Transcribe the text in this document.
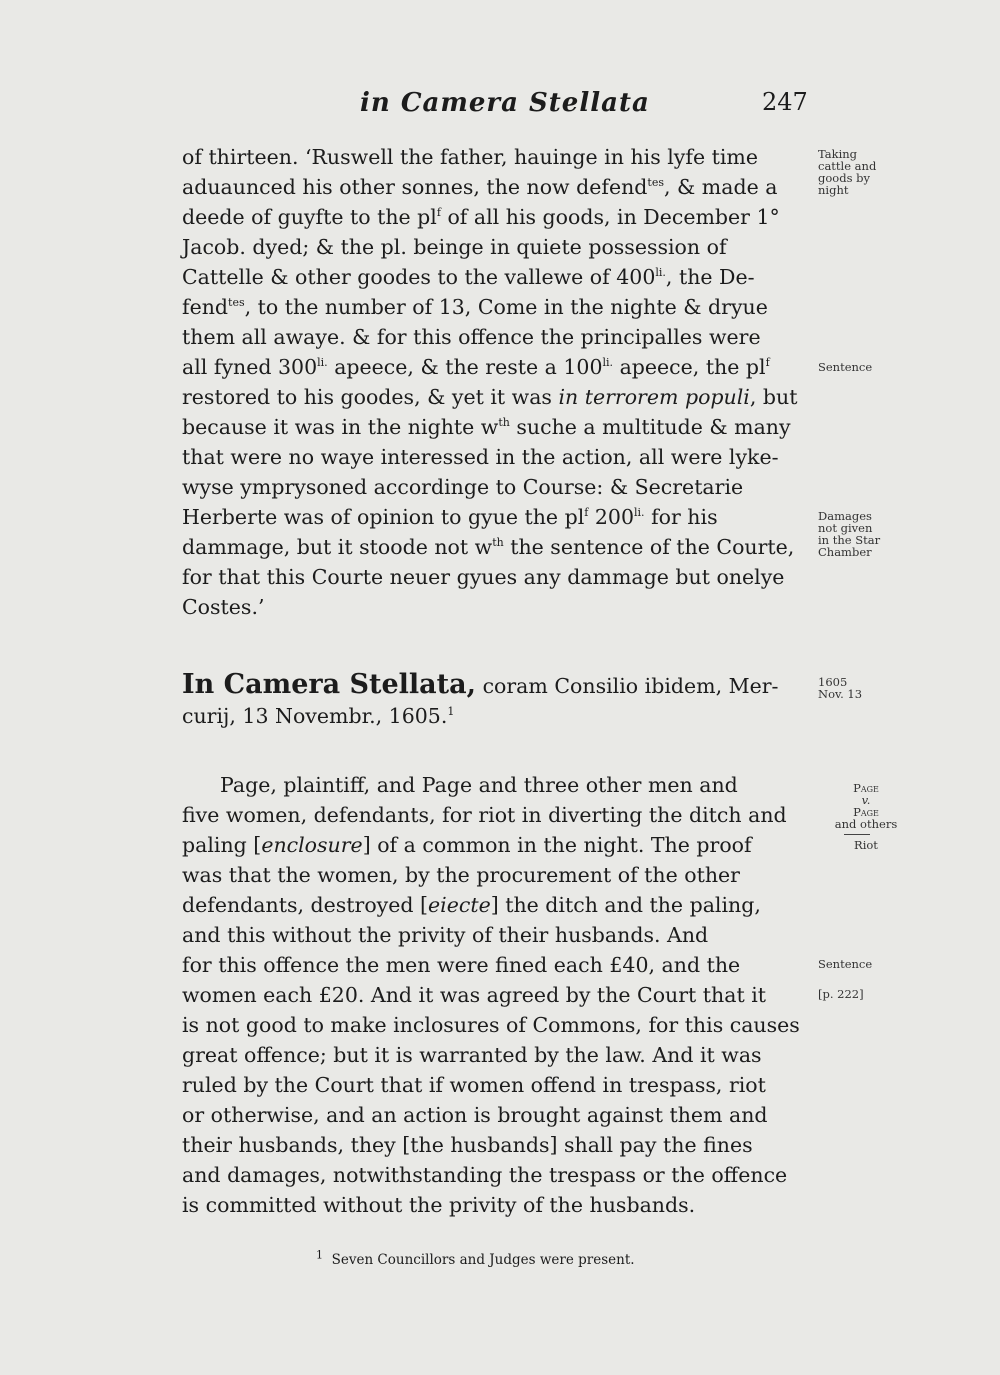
in Camera Stellata	247

of thirteen. ‘Ruswell the father, hauinge in his lyfe time

aduaunced his other sonnes, the now defend$^{tes}$, & made a

deede of guyfte to the $pl^f$ of all his goods, in December 1°

Jacob. dyed; & the pl. beinge in quiete possession of

Cattelle & other goodes to the vallewe of $400^{li.}$, the De-

fend$^{tes}$, to the number of 13, Come in the nighte & dryue

them all awaye. & for this offence the principalles were

all fyned $300^{li.}$ apeece, & the reste a $100^{li.}$ apeece, the $pl^f$

restored to his goodes, & yet it was in terrorem populi, but

because it was in the nighte $w^{th}$ suche a multitude & many

that were no waye interessed in the action, all were lyke-

wyse ymprysoned accordinge to Course: & Secretarie

Herberte was of opinion to gyue the $pl^f$ $200^{li.}$ for his

dammage, but it stoode not $w^{th}$ the sentence of the Courte,

for that this Courte neuer gyues any dammage but onelye

Costes.’

In Camera Stellata, coram Consilio ibidem, Mer-

curij, 13 Novembr., 1605.$^1$

Page, plaintiff, and Page and three other men and

five women, defendants, for riot in diverting the ditch and

paling [enclosure] of a common in the night. The proof

was that the women, by the procurement of the other

defendants, destroyed [eiecte] the ditch and the paling,

and this without the privity of their husbands. And

for this offence the men were fined each £40, and the

women each £20. And it was agreed by the Court that it

is not good to make inclosures of Commons, for this causes

great offence; but it is warranted by the law. And it was

ruled by the Court that if women offend in trespass, riot

or otherwise, and an action is brought against them and

their husbands, they [the husbands] shall pay the fines

and damages, notwithstanding the trespass or the offence

is committed without the privity of the husbands.

Taking
cattle and
goods by
night
Sentence
Damages
not given
in the Star
Chamber
1605
Nov. 13
Page
v.
Page
and others
Riot
Sentence
[p. 222]
$^1$ Seven Councillors and Judges were present.
